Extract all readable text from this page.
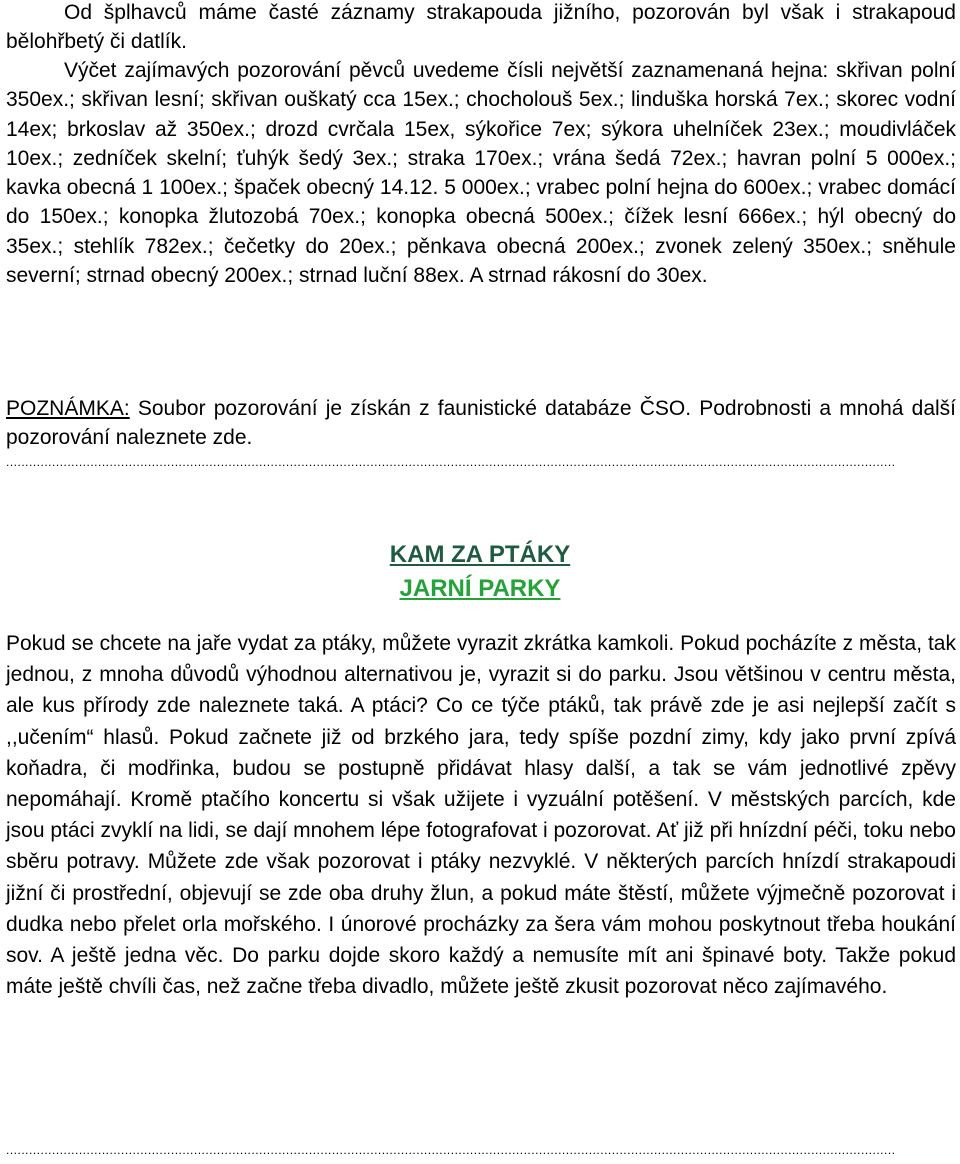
Od šplhavců máme časté záznamy strakapouda jižního, pozorován byl však i strakapoud bělohřbetý či datlík.
Výčet zajímavých pozorování pěvců uvedeme čísli největší zaznamenaná hejna: skřivan polní 350ex.; skřivan lesní; skřivan ouškatý cca 15ex.; chocholouš 5ex.; linduška horská 7ex.; skorec vodní 14ex; brkoslav až 350ex.; drozd cvrčala 15ex, sýkořice 7ex; sýkora uhelníček 23ex.; moudivláček 10ex.; zedníček skelní; ťuhýk šedý 3ex.; straka 170ex.; vrána šedá 72ex.; havran polní 5 000ex.; kavka obecná 1 100ex.; špaček obecný 14.12. 5 000ex.; vrabec polní hejna do 600ex.; vrabec domácí do 150ex.; konopka žlutozobá 70ex.; konopka obecná 500ex.; čížek lesní 666ex.; hýl obecný do 35ex.; stehlík 782ex.; čečetky do 20ex.; pěnkava obecná 200ex.; zvonek zelený 350ex.; sněhule severní; strnad obecný 200ex.; strnad luční 88ex. A strnad rákosní do 30ex.
POZNÁMKA: Soubor pozorování je získán z faunistické databáze ČSO. Podrobnosti a mnohá další pozorování naleznete zde.
........................................................................................................................................................................................................................................
KAM ZA PTÁKY
JARNÍ PARKY
Pokud se chcete na jaře vydat za ptáky, můžete vyrazit zkrátka kamkoli. Pokud pocházíte z města, tak jednou, z mnoha důvodů výhodnou alternativou je, vyrazit si do parku. Jsou většinou v centru města, ale kus přírody zde naleznete taká. A ptáci? Co ce týče ptáků, tak právě zde je asi nejlepší začít s ,,učením“ hlasů. Pokud začnete již od brzkého jara, tedy spíše pozdní zimy, kdy jako první zpívá koňadra, či modřinka, budou se postupně přidávat hlasy další, a tak se vám jednotlivé zpěvy nepomáhají. Kromě ptačího koncertu si však užijete i vyzuální potěšení. V městských parcích, kde jsou ptáci zvyklí na lidi, se dají mnohem lépe fotografovat i pozorovat. Ať již při hnízdní péči, toku nebo sběru potravy. Můžete zde však pozorovat i ptáky nezvyklé. V některých parcích hnízdí strakapoudi jižní či prostřední, objevují se zde oba druhy žlun, a pokud máte štěstí, můžete výjmečně pozorovat i dudka nebo přelet orla mořského. I únorové procházky za šera vám mohou poskytnout třeba houkání sov. A ještě jedna věc. Do parku dojde skoro každý a nemusíte mít ani špinavé boty. Takže pokud máte ještě chvíli čas, než začne třeba divadlo, můžete ještě zkusit pozorovat něco zajímavého.
........................................................................................................................................................................................................................................
